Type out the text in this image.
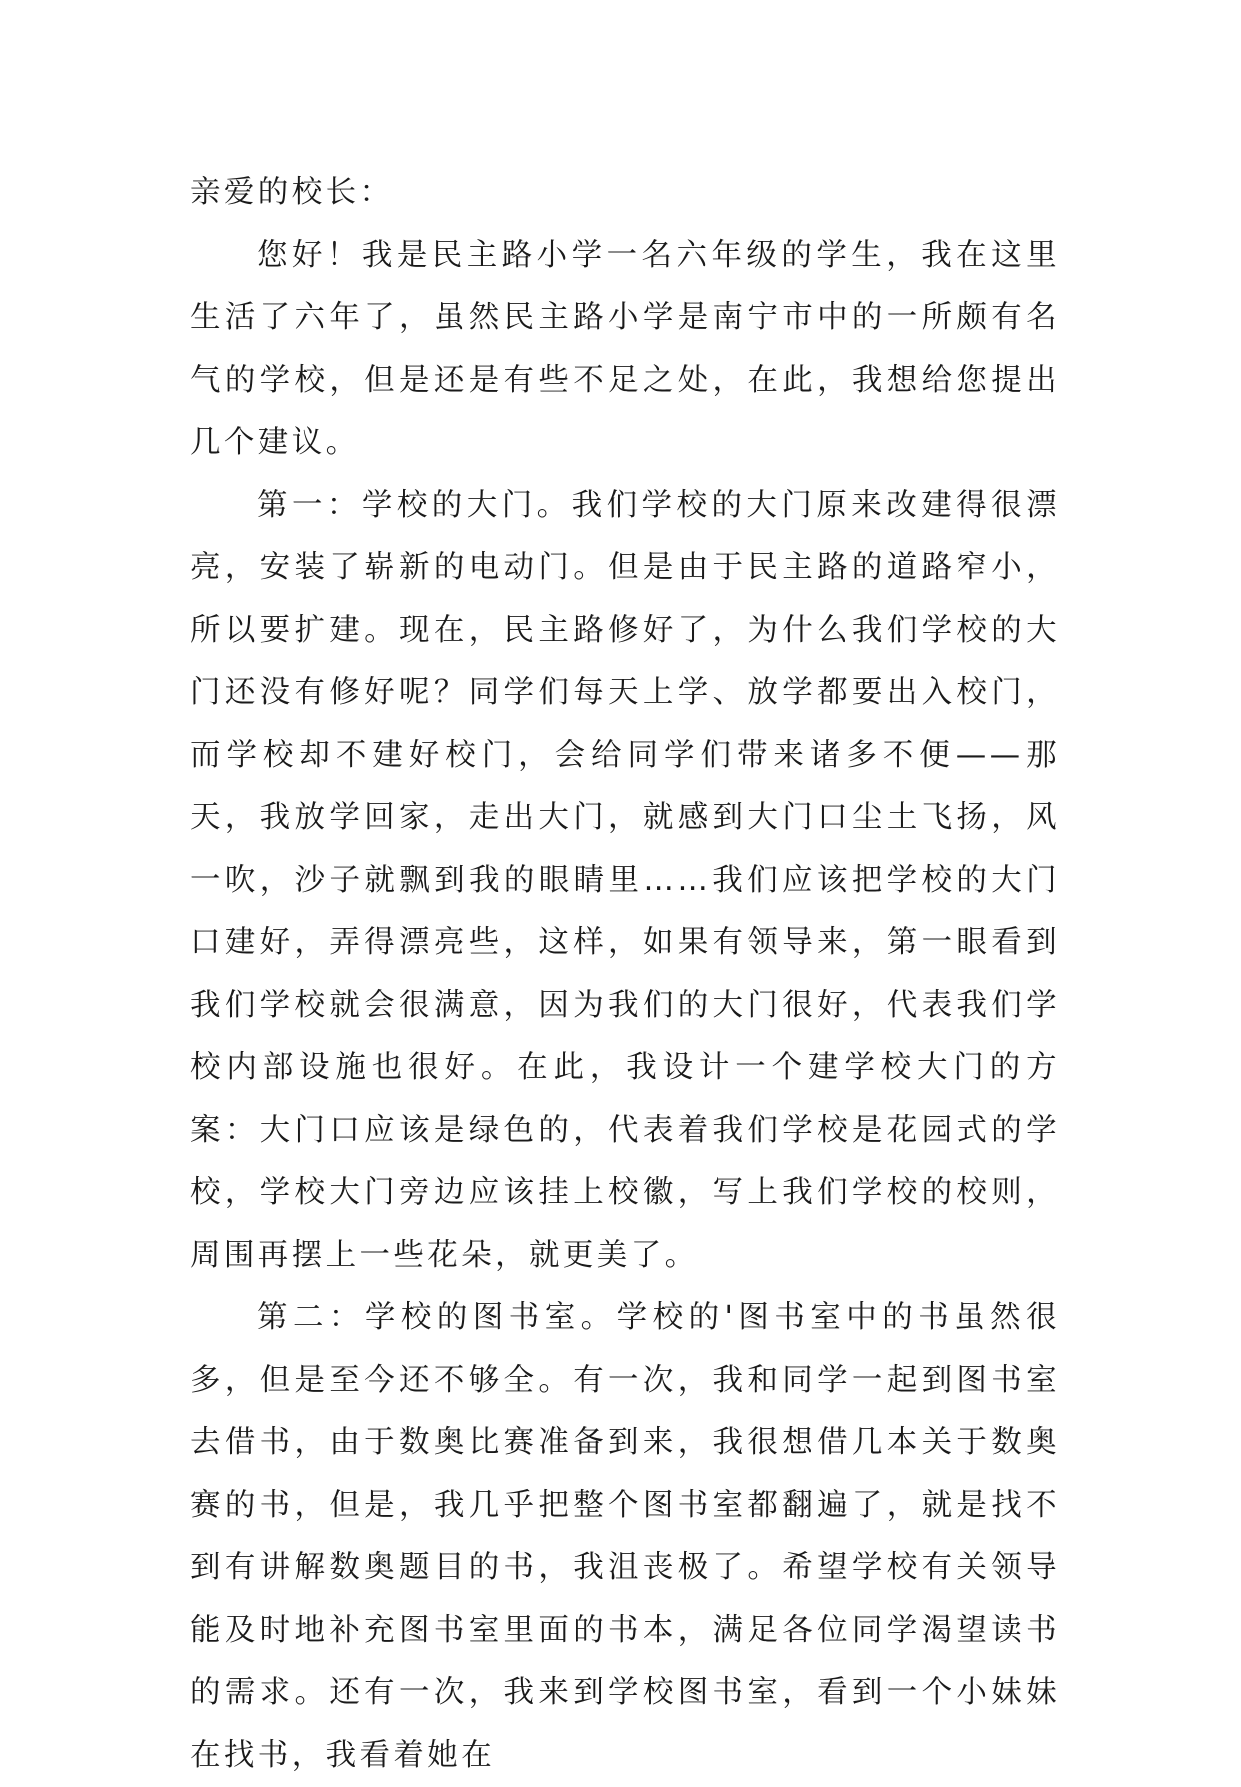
亲爱的校长：

您好！我是民主路小学一名六年级的学生，我在这里生活了六年了，虽然民主路小学是南宁市中的一所颇有名气的学校，但是还是有些不足之处，在此，我想给您提出几个建议。

第一：学校的大门。我们学校的大门原来改建得很漂亮，安装了崭新的电动门。但是由于民主路的道路窄小，所以要扩建。现在，民主路修好了，为什么我们学校的大门还没有修好呢？同学们每天上学、放学都要出入校门，而学校却不建好校门，会给同学们带来诸多不便——那天，我放学回家，走出大门，就感到大门口尘土飞扬，风一吹，沙子就飘到我的眼睛里……我们应该把学校的大门口建好，弄得漂亮些，这样，如果有领导来，第一眼看到我们学校就会很满意，因为我们的大门很好，代表我们学校内部设施也很好。在此，我设计一个建学校大门的方案：大门口应该是绿色的，代表着我们学校是花园式的学校，学校大门旁边应该挂上校徽，写上我们学校的校则，周围再摆上一些花朵，就更美了。

第二：学校的图书室。学校的'图书室中的书虽然很多，但是至今还不够全。有一次，我和同学一起到图书室去借书，由于数奥比赛准备到来，我很想借几本关于数奥赛的书，但是，我几乎把整个图书室都翻遍了，就是找不到有讲解数奥题目的书，我沮丧极了。希望学校有关领导能及时地补充图书室里面的书本，满足各位同学渴望读书的需求。还有一次，我来到学校图书室，看到一个小妹妹在找书，我看着她在
